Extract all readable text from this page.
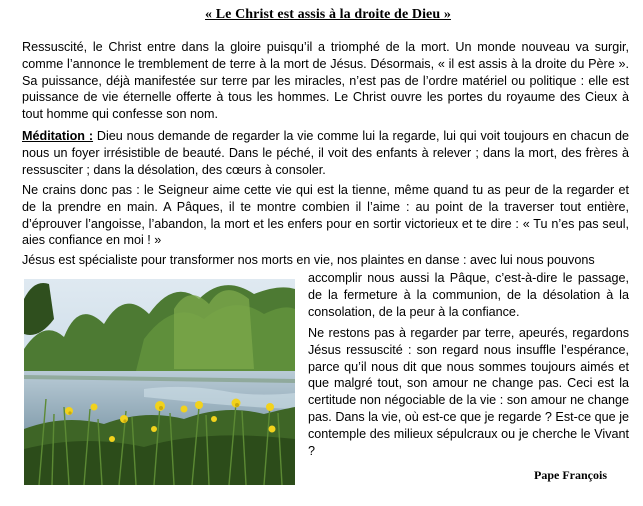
« Le Christ est assis à la droite de Dieu »

Ressuscité, le Christ entre dans la gloire puisqu’il a triomphé de la mort. Un monde nouveau va surgir, comme l’annonce le tremblement de terre à la mort de Jésus. Désormais, « il est assis à la droite du Père ». Sa puissance, déjà manifestée sur terre par les miracles, n’est pas de l’ordre matériel ou politique : elle est puissance de vie éternelle offerte à tous les hommes. Le Christ ouvre les portes du royaume des Cieux à tout homme qui confesse son nom.

Méditation : Dieu nous demande de regarder la vie comme lui la regarde, lui qui voit toujours en chacun de nous un foyer irrésistible de beauté. Dans le péché, il voit des enfants à relever ; dans la mort, des frères à ressusciter ; dans la désolation, des cœurs à consoler.

Ne crains donc pas : le Seigneur aime cette vie qui est la tienne, même quand tu as peur de la regarder et de la prendre en main. A Pâques, il te montre combien il l’aime : au point de la traverser tout entière, d’éprouver l’angoisse, l’abandon, la mort et les enfers pour en sortir victorieux et te dire : « Tu n’es pas seul, aies confiance en moi ! »

Jésus est spécialiste pour transformer nos morts en vie, nos plaintes en danse : avec lui nous pouvons

accomplir nous aussi la Pâque, c’est-à-dire le passage, de la fermeture à la communion, de la désolation à la consolation, de la peur à la confiance.

Ne restons pas à regarder par terre, apeurés, regardons Jésus ressuscité : son regard nous insuffle l’espérance, parce qu’il nous dit que nous sommes toujours aimés et que malgré tout, son amour ne change pas. Ceci est la certitude non négociable de la vie : son amour ne change pas. Dans la vie, où est-ce que je regarde ? Est-ce que je contemple des milieux sépulcraux ou je cherche le Vivant ?

Pape François
